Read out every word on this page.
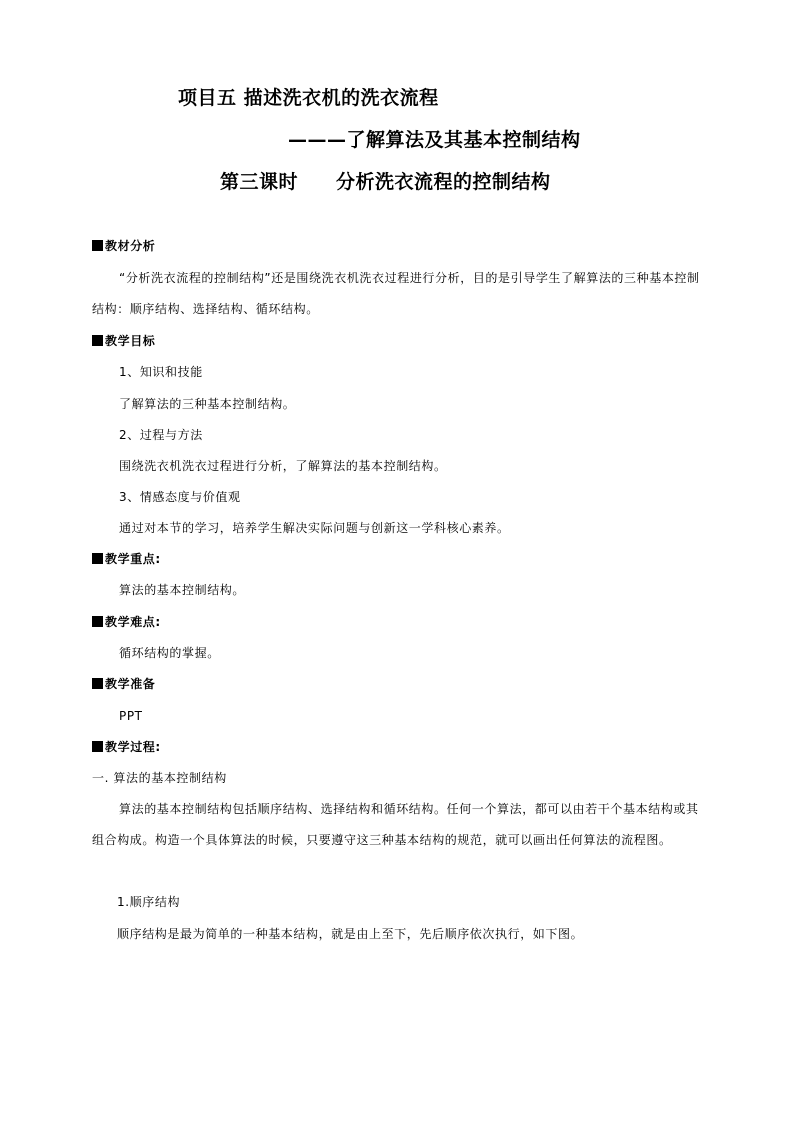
项目五 描述洗衣机的洗衣流程
———了解算法及其基本控制结构
第三课时 分析洗衣流程的控制结构
教材分析
“分析洗衣流程的控制结构”还是围绕洗衣机洗衣过程进行分析，目的是引导学生了解算法的三种基本控制结构：顺序结构、选择结构、循环结构。
教学目标
1、知识和技能
了解算法的三种基本控制结构。
2、过程与方法
围绕洗衣机洗衣过程进行分析，了解算法的基本控制结构。
3、情感态度与价值观
通过对本节的学习，培养学生解决实际问题与创新这一学科核心素养。
教学重点:
算法的基本控制结构。
教学难点:
循环结构的掌握。
教学准备
PPT
教学过程:
一. 算法的基本控制结构
算法的基本控制结构包括顺序结构、选择结构和循环结构。任何一个算法，都可以由若干个基本结构或其组合构成。构造一个具体算法的时候，只要遵守这三种基本结构的规范，就可以画出任何算法的流程图。
1.顺序结构
顺序结构是最为简单的一种基本结构，就是由上至下，先后顺序依次执行，如下图。
